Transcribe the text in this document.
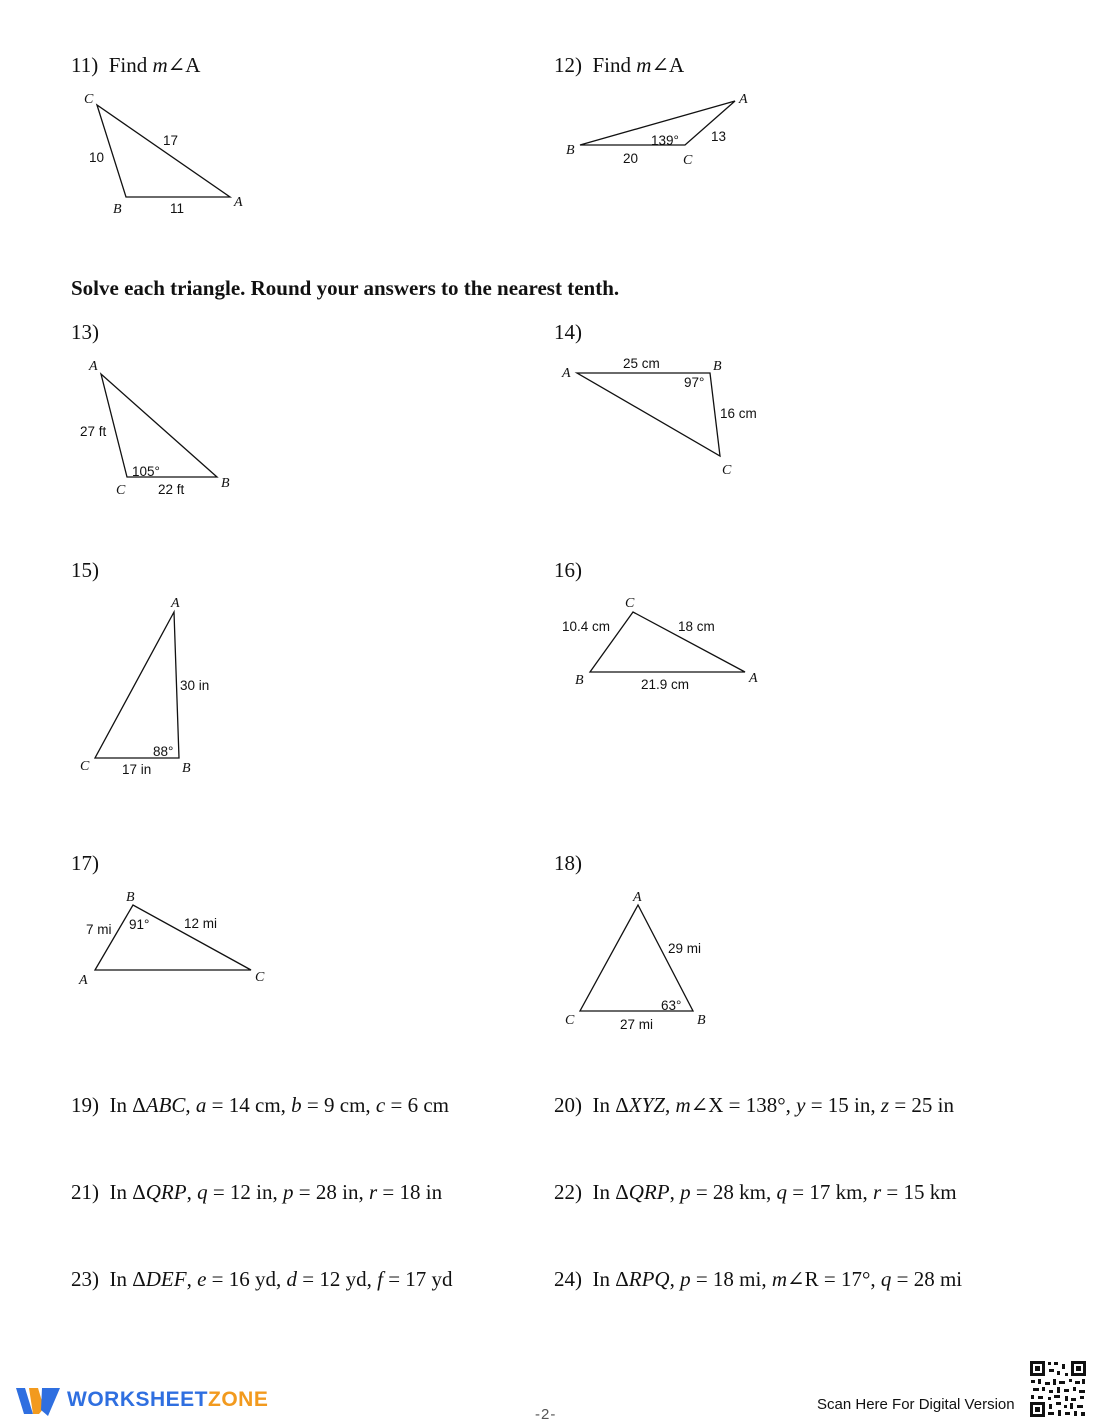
11) Find m∠A
C
B	A
10
17
11
12) Find m∠A
A
B
C
20
13
139°
Solve each triangle. Round your answers to the nearest tenth.
13)
A
C	B
27 ft
22 ft
105°
14)
A	B
C
25 cm
16 cm
97°
15)
A
C	B
30 in
17 in
88°
16)
C
B	A
10.4 cm	18 cm
21.9 cm
17)
B
A	C
7 mi	12 mi
91°
18)
A
C	B
29 mi
27 mi
63°
19) In ΔABC, a = 14 cm, b = 9 cm, c = 6 cm	20) In ΔXYZ, m∠X = 138°, y = 15 in, z = 25 in
21) In ΔQRP, q = 12 in, p = 28 in, r = 18 in	22) In ΔQRP, p = 28 km, q = 17 km, r = 15 km
23) In ΔDEF, e = 16 yd, d = 12 yd, f = 17 yd	24) In ΔRPQ, p = 18 mi, m∠R = 17°, q = 28 mi
WORKSHEETZONE
-2-
Scan Here For Digital Version
